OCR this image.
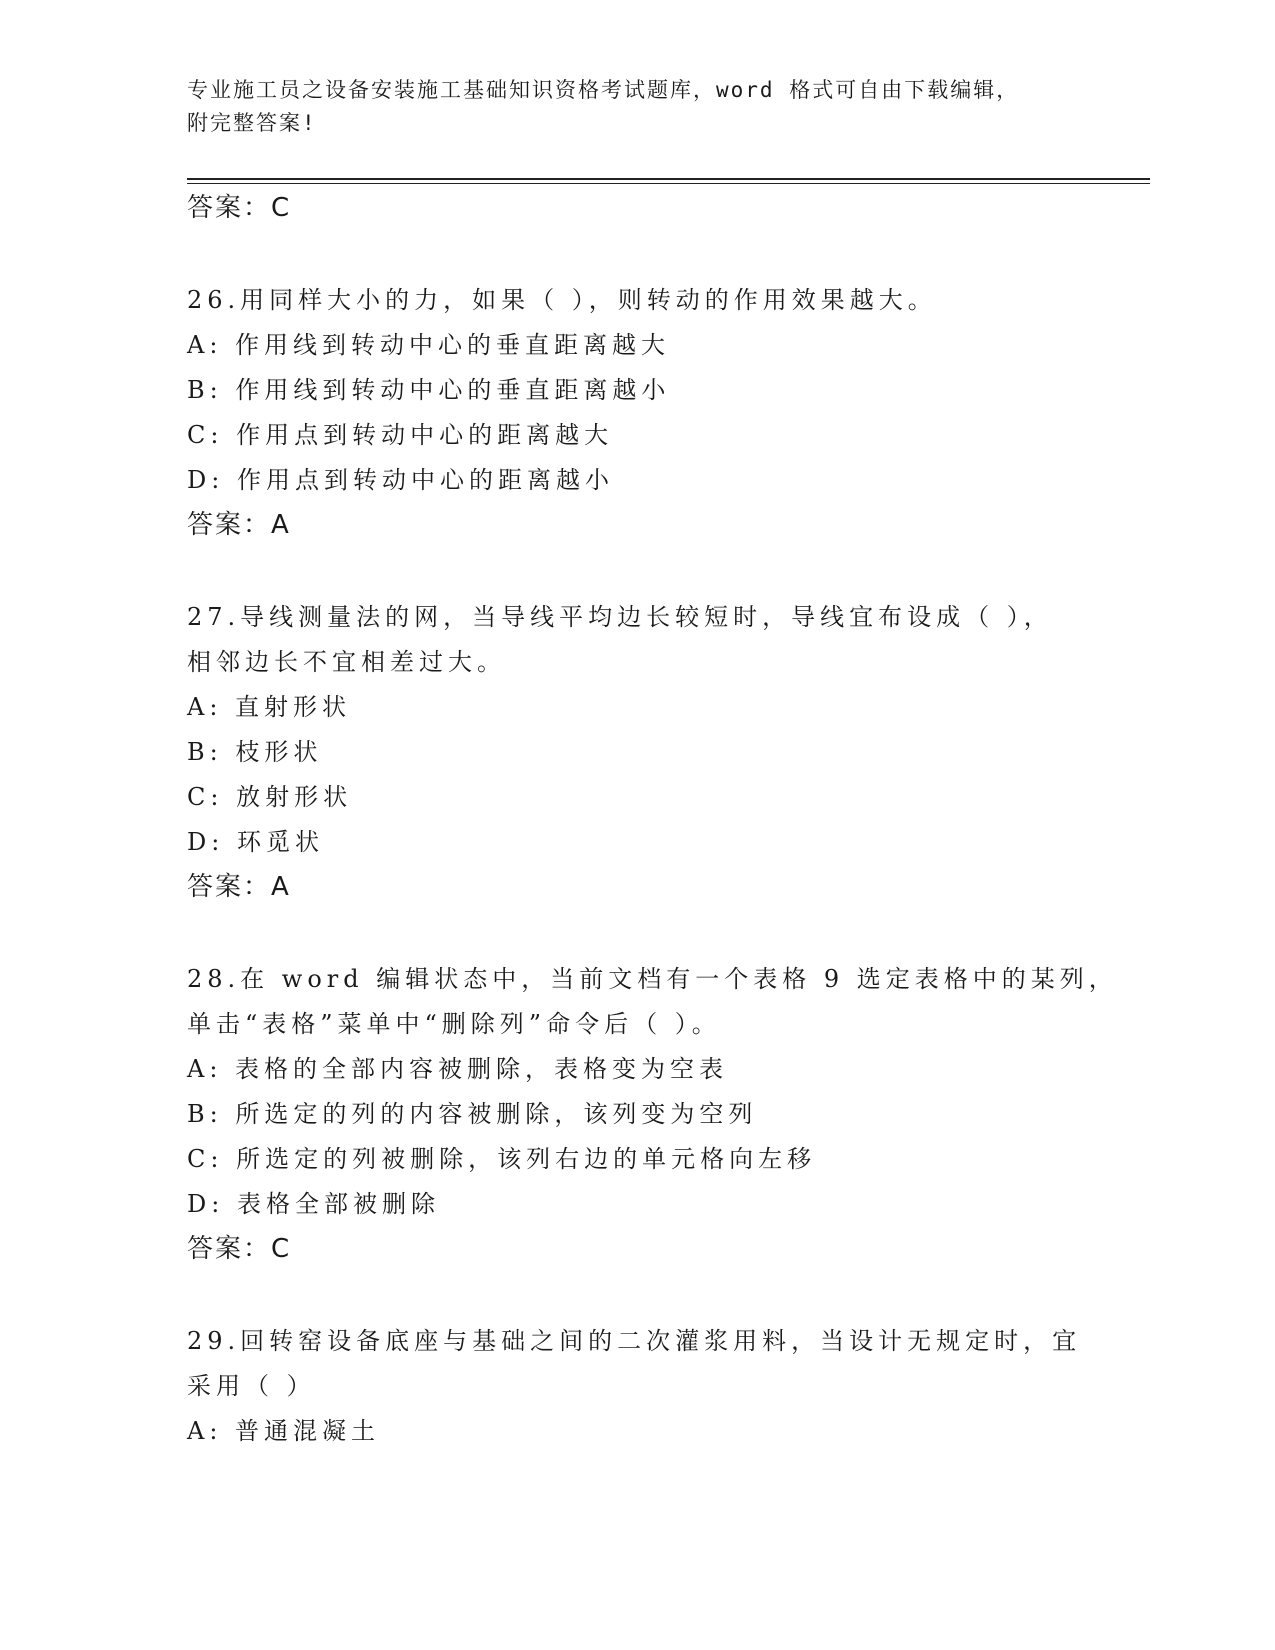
专业施工员之设备安装施工基础知识资格考试题库，word 格式可自由下载编辑，
附完整答案!
答案：C
26.用同样大小的力，如果（ ），则转动的作用效果越大。
A: 作用线到转动中心的垂直距离越大
B: 作用线到转动中心的垂直距离越小
C: 作用点到转动中心的距离越大
D: 作用点到转动中心的距离越小
答案：A
27.导线测量法的网，当导线平均边长较短时，导线宜布设成（ ），
相邻边长不宜相差过大。
A: 直射形状
B: 枝形状
C: 放射形状
D: 环觅状
答案：A
28.在 word 编辑状态中，当前文档有一个表格 9 选定表格中的某列，
单击“表格”菜单中“删除列”命令后（ ）。
A: 表格的全部内容被删除，表格变为空表
B: 所选定的列的内容被删除，该列变为空列
C: 所选定的列被删除，该列右边的单元格向左移
D: 表格全部被删除
答案：C
29.回转窑设备底座与基础之间的二次灌浆用料，当设计无规定时，宜
采用（ ）
A: 普通混凝土
